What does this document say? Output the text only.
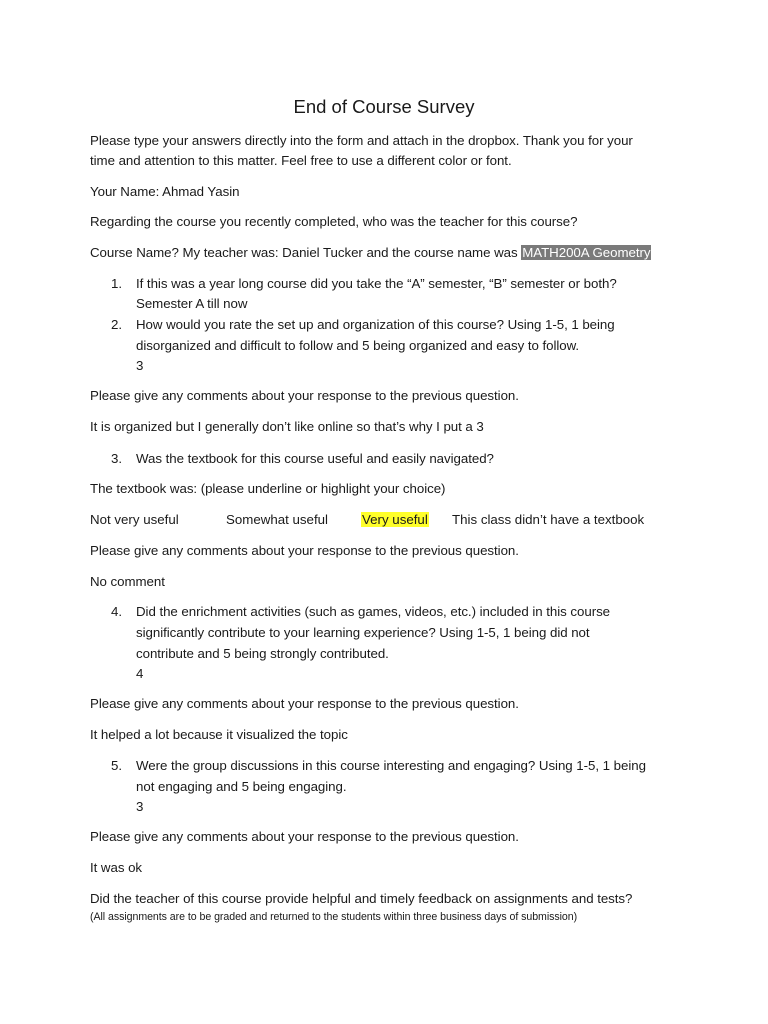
End of Course Survey
Please type your answers directly into the form and attach in the dropbox. Thank you for your
time and attention to this matter. Feel free to use a different color or font.
Your Name: Ahmad Yasin
Regarding the course you recently completed, who was the teacher for this course?
Course Name? My teacher was: Daniel Tucker and the course name was MATH200A Geometry
1. If this was a year long course did you take the “A” semester, “B” semester or both?
Semester A till now
2. How would you rate the set up and organization of this course? Using 1-5, 1 being
disorganized and difficult to follow and 5 being organized and easy to follow.
3
Please give any comments about your response to the previous question.
It is organized but I generally don’t like online so that’s why I put a 3
3. Was the textbook for this course useful and easily navigated?
The textbook was: (please underline or highlight your choice)
Not very useful	Somewhat useful	Very useful This class didn’t have a textbook
Please give any comments about your response to the previous question.
No comment
4. Did the enrichment activities (such as games, videos, etc.) included in this course
significantly contribute to your learning experience? Using 1-5, 1 being did not
contribute and 5 being strongly contributed.
4
Please give any comments about your response to the previous question.
It helped a lot because it visualized the topic
5. Were the group discussions in this course interesting and engaging? Using 1-5, 1 being
not engaging and 5 being engaging.
3
Please give any comments about your response to the previous question.
It was ok
Did the teacher of this course provide helpful and timely feedback on assignments and tests?
(All assignments are to be graded and returned to the students within three business days of submission)
